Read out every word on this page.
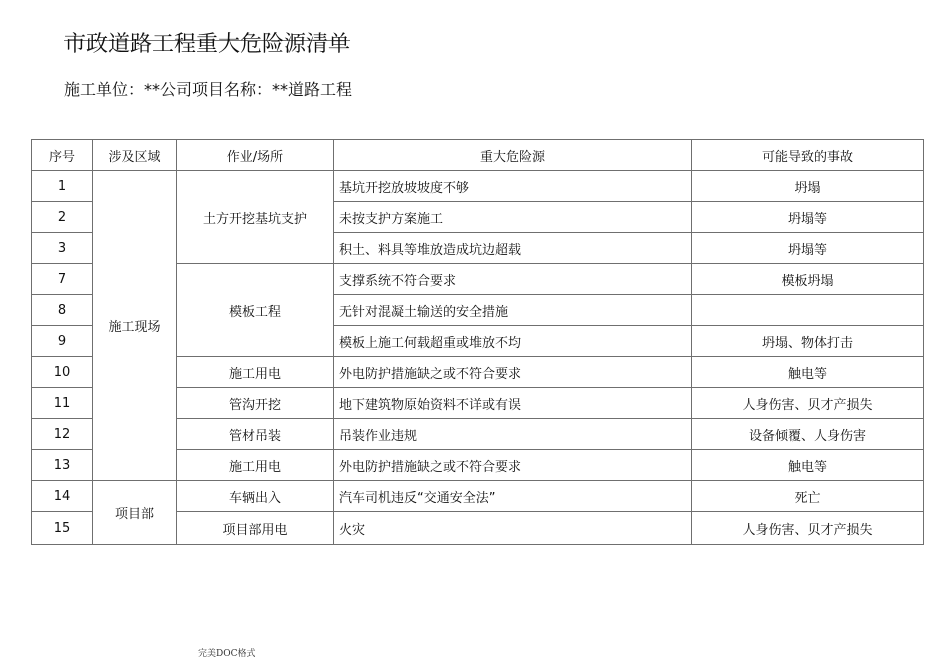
市政道路工程重大危险源清单
施工单位：**公司项目名称：**道路工程
序号	涉及区域	作业/场所	重大危险源	可能导致的事故
1	施工现场	土方开挖基坑支护	基坑开挖放坡坡度不够	坍塌
2			未按支护方案施工	坍塌等
3			积土、料具等堆放造成坑边超载	坍塌等
7		模板工程	支撑系统不符合要求	模板坍塌
8			无针对混凝土输送的安全措施	
9			模板上施工何载超重或堆放不均	坍塌、物体打击
10		施工用电	外电防护措施缺之或不符合要求	触电等
11		管沟开挖	地下建筑物原始资料不详或有误	人身伤害、贝才产损失
12		管材吊装	吊装作业违规	设备倾覆、人身伤害
13		施工用电	外电防护措施缺之或不符合要求	触电等
14	项目部	车辆出入	汽车司机违反“交通安全法”	死亡
15		项目部用电	火灾	人身伤害、贝才产损失
完美DOC格式
